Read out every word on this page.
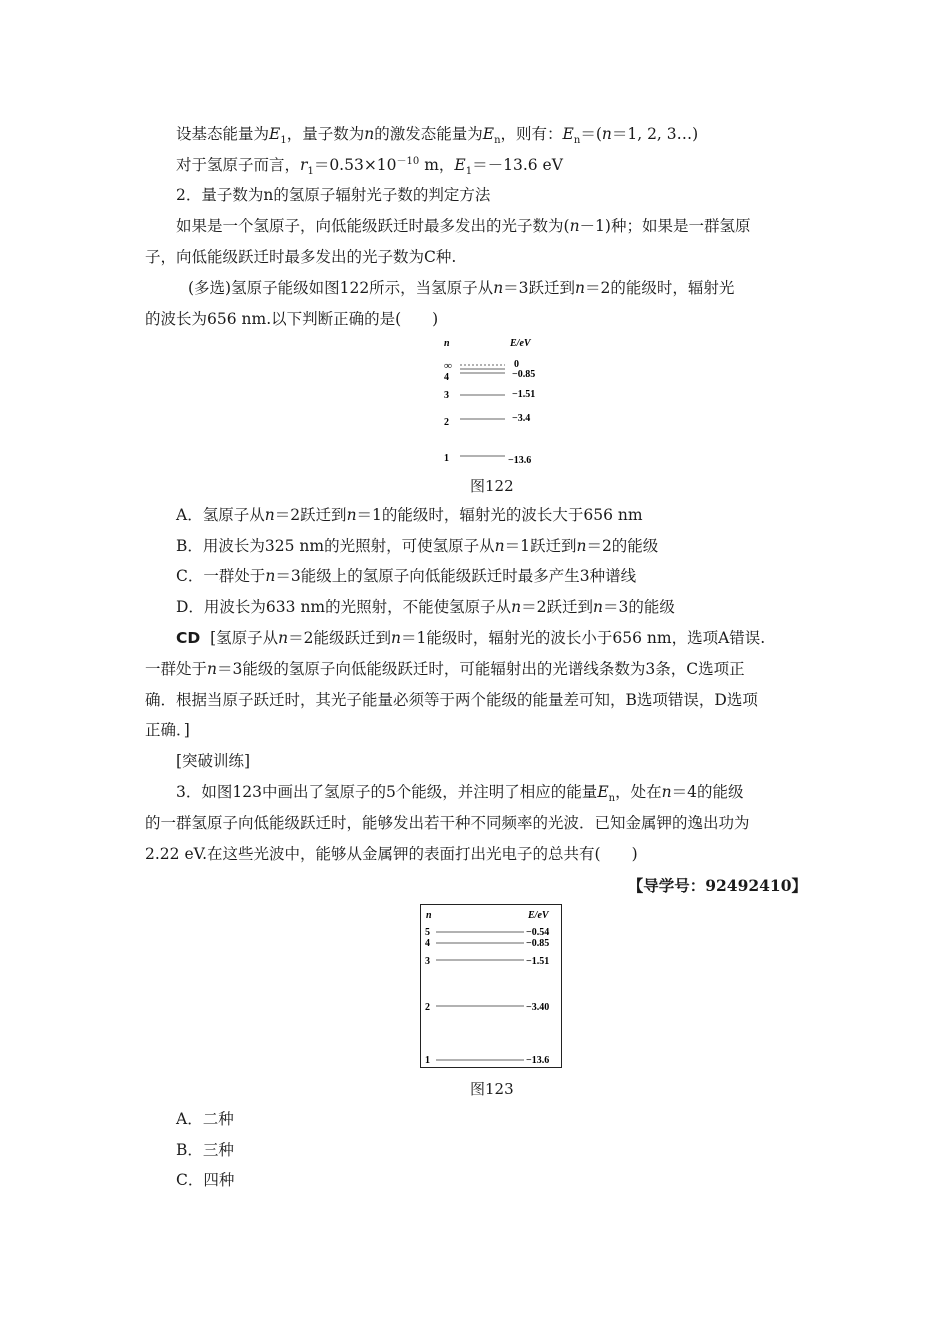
设基态能量为$E_1$，量子数为n的激发态能量为$E_n$，则有：$E_n=(n=1$, 2, 3…)
对于氢原子而言，$r_1=0.53\times 10^{-10}$ m，$E_1=-13.6$ eV
2．量子数为n的氢原子辐射光子数的判定方法
如果是一个氢原子，向低能级跃迁时最多发出的光子数为(n－1)种；如果是一群氢原
子，向低能级跃迁时最多发出的光子数为C种.
(多选)氢原子能级如图122所示，当氢原子从n＝3跃迁到n＝2的能级时，辐射光
的波长为656 nm.以下判断正确的是(　　)
n	E/eV
∞	0
4	−0.85
3	−1.51
2	−3.4
1	−13.6
图122
A．氢原子从n＝2跃迁到n＝1的能级时，辐射光的波长大于656 nm
B．用波长为325 nm的光照射，可使氢原子从n＝1跃迁到n＝2的能级
C．一群处于n＝3能级上的氢原子向低能级跃迁时最多产生3种谱线
D．用波长为633 nm的光照射，不能使氢原子从n＝2跃迁到n＝3的能级
CD [氢原子从n＝2能级跃迁到n＝1能级时，辐射光的波长小于656 nm，选项A错误.
一群处于n＝3能级的氢原子向低能级跃迁时，可能辐射出的光谱线条数为3条，C选项正
确．根据当原子跃迁时，其光子能量必须等于两个能级的能量差可知，B选项错误，D选项
正确．]
[突破训练]
3．如图123中画出了氢原子的5个能级，并注明了相应的能量$E_n$，处在n＝4的能级
的一群氢原子向低能级跃迁时，能够发出若干种不同频率的光波．已知金属钾的逸出功为
2.22 eV.在这些光波中，能够从金属钾的表面打出光电子的总共有(　　)
【导学号：92492410】
n	E/eV
5	−0.54
4	−0.85
3	−1.51
2	−3.40
1	−13.6
图123
A．二种
B．三种
C．四种
